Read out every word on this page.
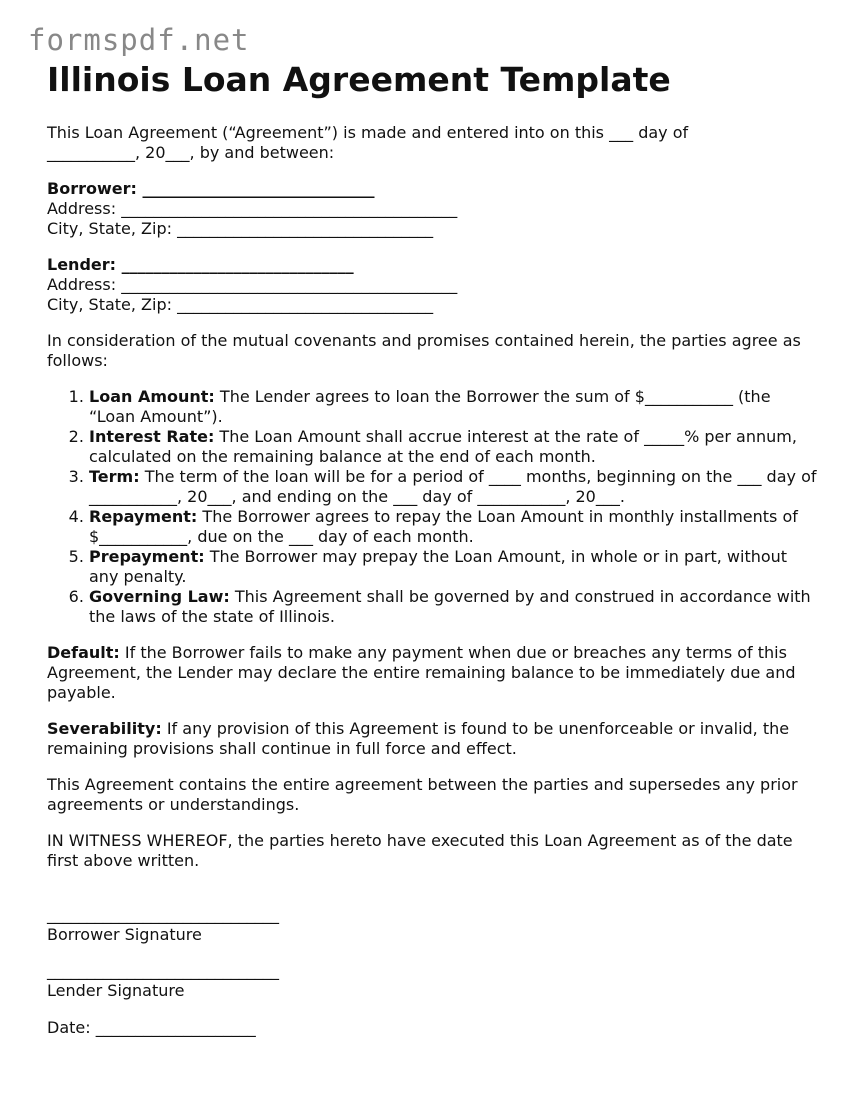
formspdf.net
Illinois Loan Agreement Template

This Loan Agreement (“Agreement”) is made and entered into on this ___ day of
___________, 20___, by and between:

Borrower: _____________________________
Address: __________________________________________
City, State, Zip: ________________________________
Lender: _____________________________
Address: __________________________________________
City, State, Zip: ________________________________

In consideration of the mutual covenants and promises contained herein, the parties agree as follows:

1. Loan Amount: The Lender agrees to loan the Borrower the sum of $___________ (the “Loan Amount”).
2. Interest Rate: The Loan Amount shall accrue interest at the rate of _____% per annum, calculated on the remaining balance at the end of each month.
3. Term: The term of the loan will be for a period of ____ months, beginning on the ___ day of ___________, 20___, and ending on the ___ day of ___________, 20___.
4. Repayment: The Borrower agrees to repay the Loan Amount in monthly installments of $___________, due on the ___ day of each month.
5. Prepayment: The Borrower may prepay the Loan Amount, in whole or in part, without any penalty.
6. Governing Law: This Agreement shall be governed by and construed in accordance with the laws of the state of Illinois.

Default: If the Borrower fails to make any payment when due or breaches any terms of this Agreement, the Lender may declare the entire remaining balance to be immediately due and payable.

Severability: If any provision of this Agreement is found to be unenforceable or invalid, the remaining provisions shall continue in full force and effect.

This Agreement contains the entire agreement between the parties and supersedes any prior agreements or understandings.

IN WITNESS WHEREOF, the parties hereto have executed this Loan Agreement as of the date first above written.

_____________________________
Borrower Signature
_____________________________
Lender Signature
Date: ____________________
